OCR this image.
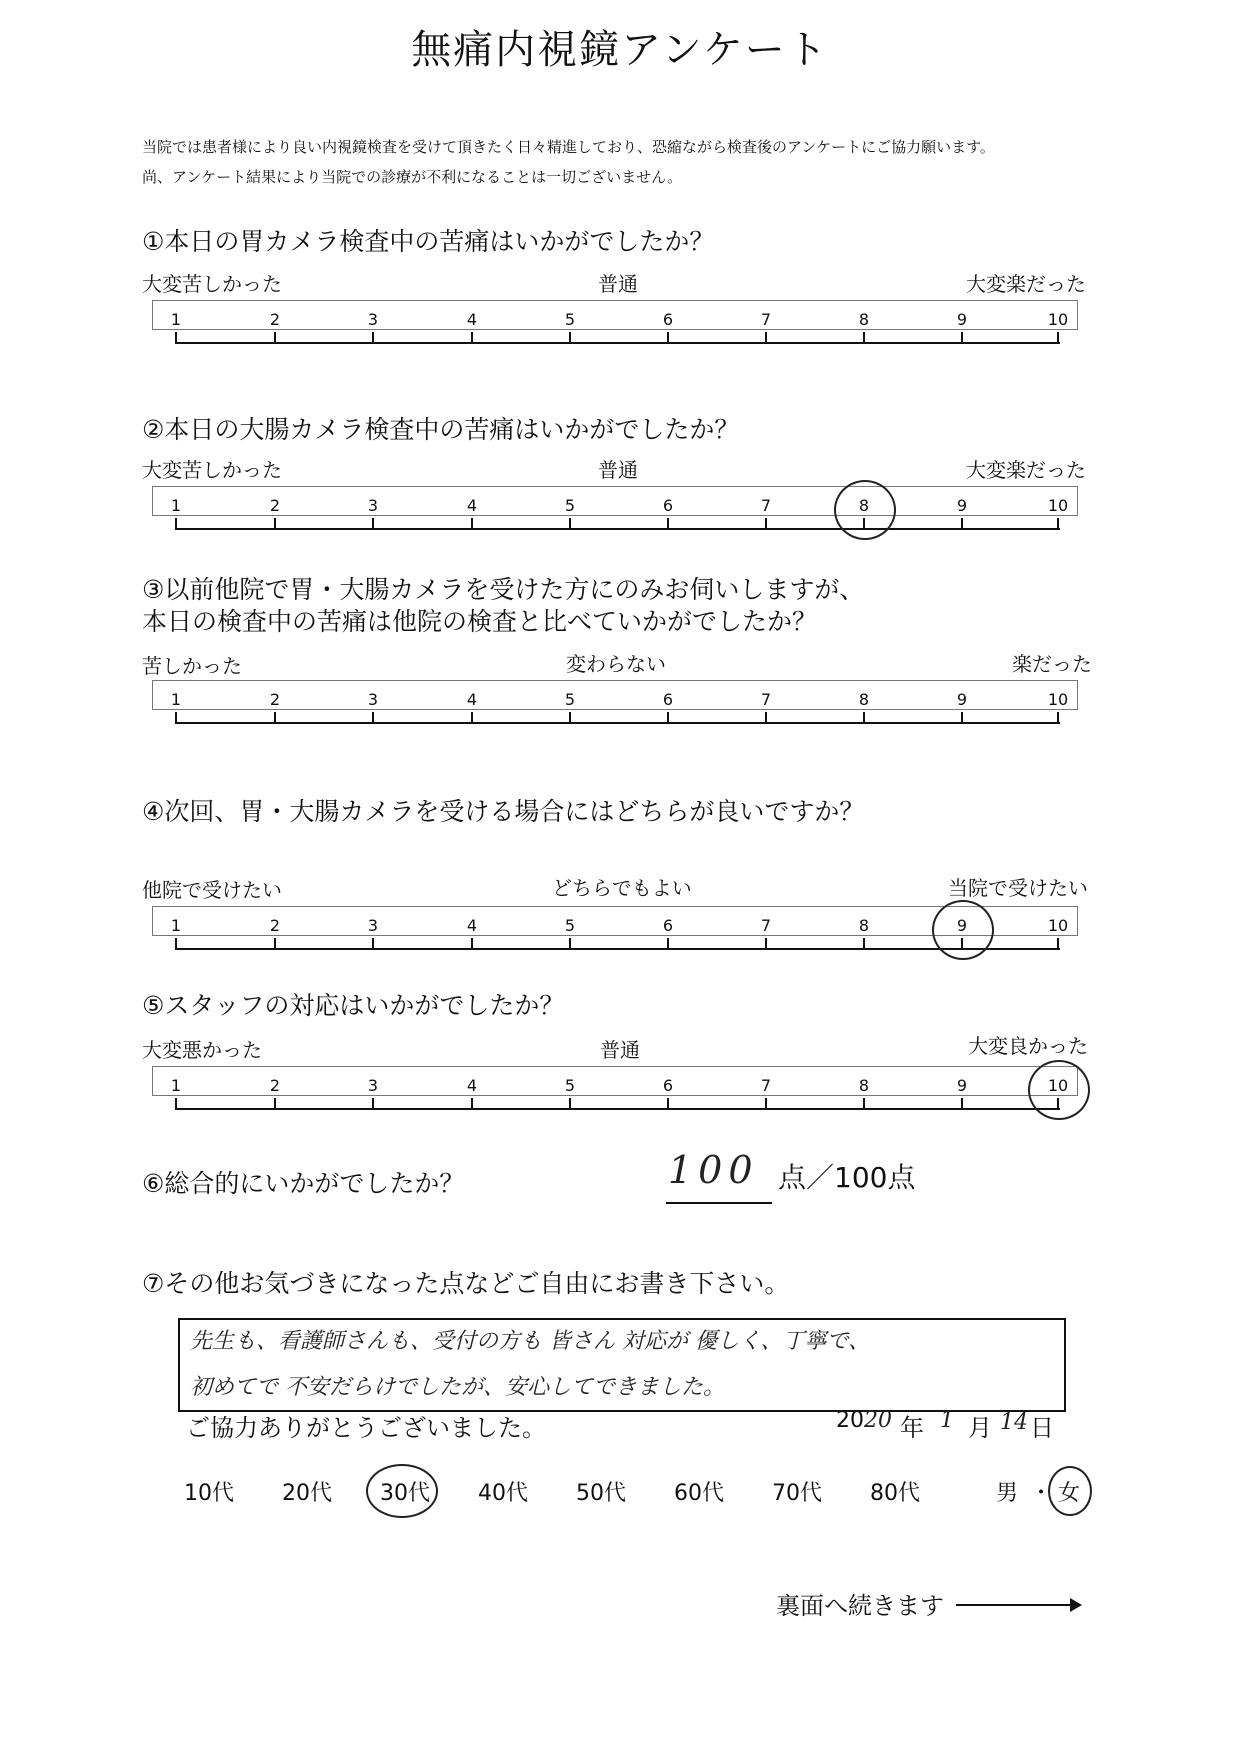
無痛内視鏡アンケート
当院では患者様により良い内視鏡検査を受けて頂きたく日々精進しており、恐縮ながら検査後のアンケートにご協力願います。
尚、アンケート結果により当院での診療が不利になることは一切ございません。
①本日の胃カメラ検査中の苦痛はいかがでしたか？
大変苦しかった	普通	大変楽だった
②本日の大腸カメラ検査中の苦痛はいかがでしたか？
大変苦しかった	普通	大変楽だった
③以前他院で胃・大腸カメラを受けた方にのみお伺いしますが、
本日の検査中の苦痛は他院の検査と比べていかがでしたか？
苦しかった	変わらない	楽だった
④次回、胃・大腸カメラを受ける場合にはどちらが良いですか？
他院で受けたい	どちらでもよい	当院で受けたい
⑤スタッフの対応はいかがでしたか？
大変悪かった	普通	大変良かった
⑥総合的にいかがでしたか？	100 点／100点
⑦その他お気づきになった点などご自由にお書き下さい。
先生も、看護師さんも、受付の方も 皆さん 対応が 優しく、丁寧で、
初めてで 不安だらけでしたが、安心してできました。
ご協力ありがとうございました。	20 20 年 1 月 14 日
10代 20代 30代 40代 50代 60代 70代 80代	男 ・ 女
裏面へ続きます
1	2	3	4	5	6	7	8	9	10
1	2	3	4	5	6	7	8	9	10
1	2	3	4	5	6	7	8	9	10
1	2	3	4	5	6	7	8	9	10
1	2	3	4	5	6	7	8	9	10
